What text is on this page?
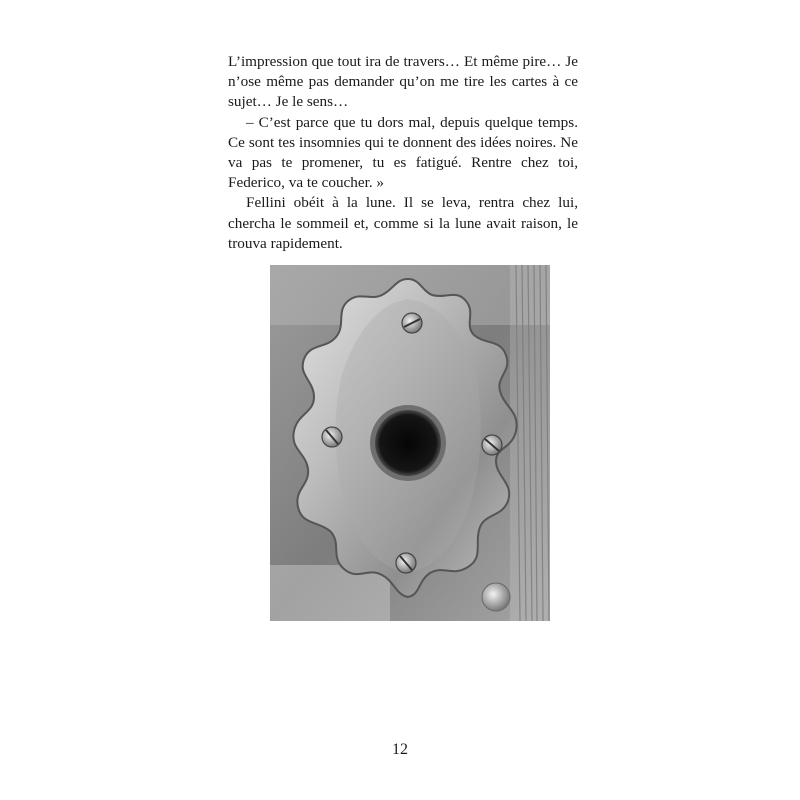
L’impression que tout ira de travers… Et même pire… Je n’ose même pas demander qu’on me tire les cartes à ce sujet… Je le sens…

– C’est parce que tu dors mal, depuis quelque temps. Ce sont tes insomnies qui te donnent des idées noires. Ne va pas te promener, tu es fatigué. Rentre chez toi, Federico, va te coucher. »

Fellini obéit à la lune. Il se leva, rentra chez lui, chercha le sommeil et, comme si la lune avait raison, le trouva rapidement.

12
